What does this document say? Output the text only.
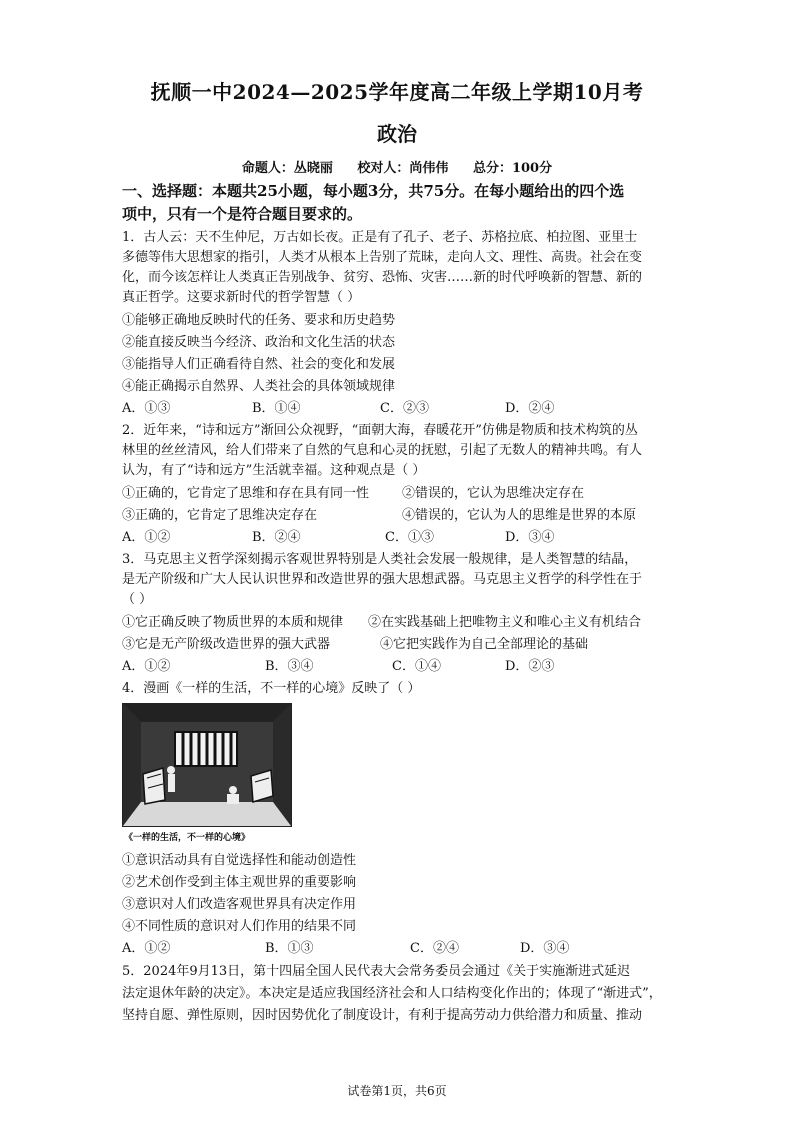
抚顺一中2024—2025学年度高二年级上学期10月考
政治
命题人：丛晓丽 校对人：尚伟伟 总分：100分
一、选择题：本题共25小题，每小题3分，共75分。在每小题给出的四个选
项中，只有一个是符合题目要求的。
1．古人云：天不生仲尼，万古如长夜。正是有了孔子、老子、苏格拉底、柏拉图、亚里士
多德等伟大思想家的指引，人类才从根本上告别了荒昧，走向人文、理性、高贵。社会在变
化，而今该怎样让人类真正告别战争、贫穷、恐怖、灾害……新的时代呼唤新的智慧、新的
真正哲学。这要求新时代的哲学智慧（ ）
①能够正确地反映时代的任务、要求和历史趋势
②能直接反映当今经济、政治和文化生活的状态
③能指导人们正确看待自然、社会的变化和发展
④能正确揭示自然界、人类社会的具体领域规律
A．①③	B．①④	C．②③	D．②④
2．近年来，“诗和远方”渐回公众视野，“面朝大海，春暖花开”仿佛是物质和技术构筑的丛
林里的丝丝清风，给人们带来了自然的气息和心灵的抚慰，引起了无数人的精神共鸣。有人
认为，有了“诗和远方”生活就幸福。这种观点是（ ）
①正确的，它肯定了思维和存在具有同一性	②错误的，它认为思维决定存在
③正确的，它肯定了思维决定存在	④错误的，它认为人的思维是世界的本原
A．①②	B．②④	C．①③	D．③④
3．马克思主义哲学深刻揭示客观世界特别是人类社会发展一般规律，是人类智慧的结晶，
是无产阶级和广大人民认识世界和改造世界的强大思想武器。马克思主义哲学的科学性在于
（ ）
①它正确反映了物质世界的本质和规律 ②在实践基础上把唯物主义和唯心主义有机结合
③它是无产阶级改造世界的强大武器	④它把实践作为自己全部理论的基础
A．①②	B．③④	C．①④	D．②③
4．漫画《一样的生活，不一样的心境》反映了（ ）
《一样的生活，不一样的心境》
①意识活动具有自觉选择性和能动创造性
②艺术创作受到主体主观世界的重要影响
③意识对人们改造客观世界具有决定作用
④不同性质的意识对人们作用的结果不同
A．①②	B．①③	C．②④	D．③④
5．2024年9月13日，第十四届全国人民代表大会常务委员会通过《关于实施渐进式延迟
法定退休年龄的决定》。本决定是适应我国经济社会和人口结构变化作出的；体现了“渐进式”，
坚持自愿、弹性原则，因时因势优化了制度设计，有利于提高劳动力供给潜力和质量、推动
试卷第1页，共6页
